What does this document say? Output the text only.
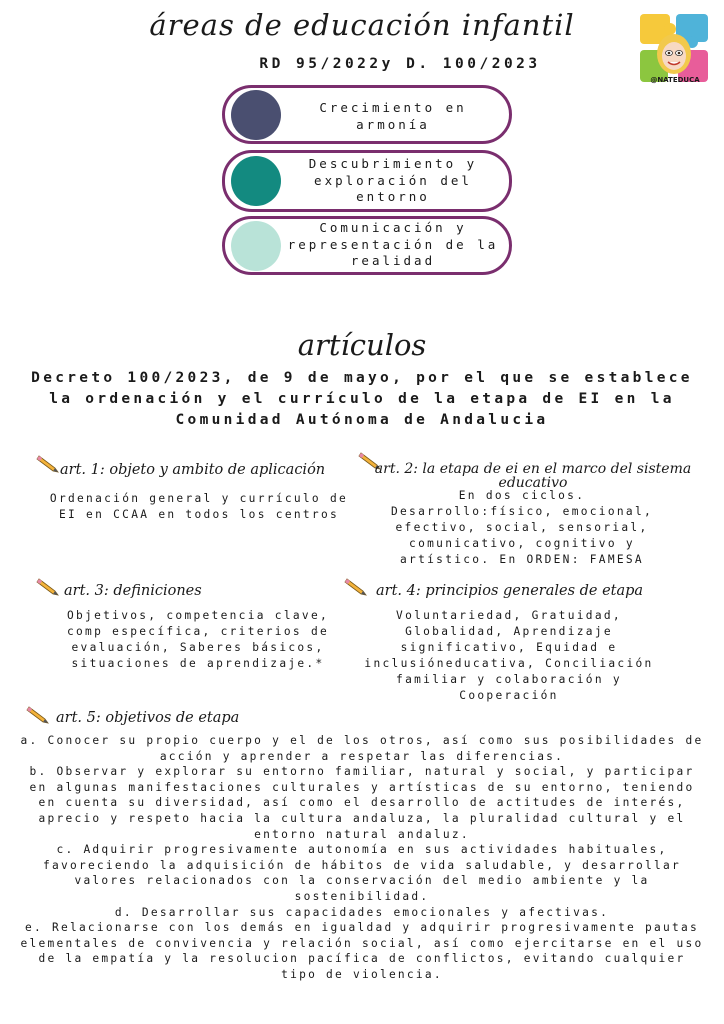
áreas de educación infantil
RD 95/2022y D. 100/2023
@NATEDUCA
Crecimiento en armonía
Descubrimiento y exploración del entorno
Comunicación y representación de la realidad
artículos
Decreto 100/2023, de 9 de mayo, por el que se establece la ordenación y el currículo de la etapa de EI en la Comunidad Autónoma de Andalucia
art. 1: objeto y ambito de aplicación
Ordenación general y currículo de EI en CCAA en todos los centros
art. 2: la etapa de ei en el marco del sistema educativo
En dos ciclos. Desarrollo:físico, emocional, efectivo, social, sensorial, comunicativo, cognitivo y artístico. En ORDEN: FAMESA
art. 3: definiciones
Objetivos, competencia clave, comp específica, criterios de evaluación, Saberes básicos, situaciones de aprendizaje.*
art. 4: principios generales de etapa
Voluntariedad, Gratuidad, Globalidad, Aprendizaje significativo, Equidad e inclusióneducativa, Conciliación familiar y colaboración y Cooperación
art. 5: objetivos de etapa
a. Conocer su propio cuerpo y el de los otros, así como sus posibilidades de acción y aprender a respetar las diferencias.
b. Observar y explorar su entorno familiar, natural y social, y participar en algunas manifestaciones culturales y artísticas de su entorno, teniendo en cuenta su diversidad, así como el desarrollo de actitudes de interés, aprecio y respeto hacia la cultura andaluza, la pluralidad cultural y el entorno natural andaluz.
c. Adquirir progresivamente autonomía en sus actividades habituales, favoreciendo la adquisición de hábitos de vida saludable, y desarrollar valores relacionados con la conservación del medio ambiente y la sostenibilidad.
d. Desarrollar sus capacidades emocionales y afectivas.
e. Relacionarse con los demás en igualdad y adquirir progresivamente pautas elementales de convivencia y relación social, así como ejercitarse en el uso de la empatía y la resolucion pacífica de conflictos, evitando cualquier tipo de violencia.
